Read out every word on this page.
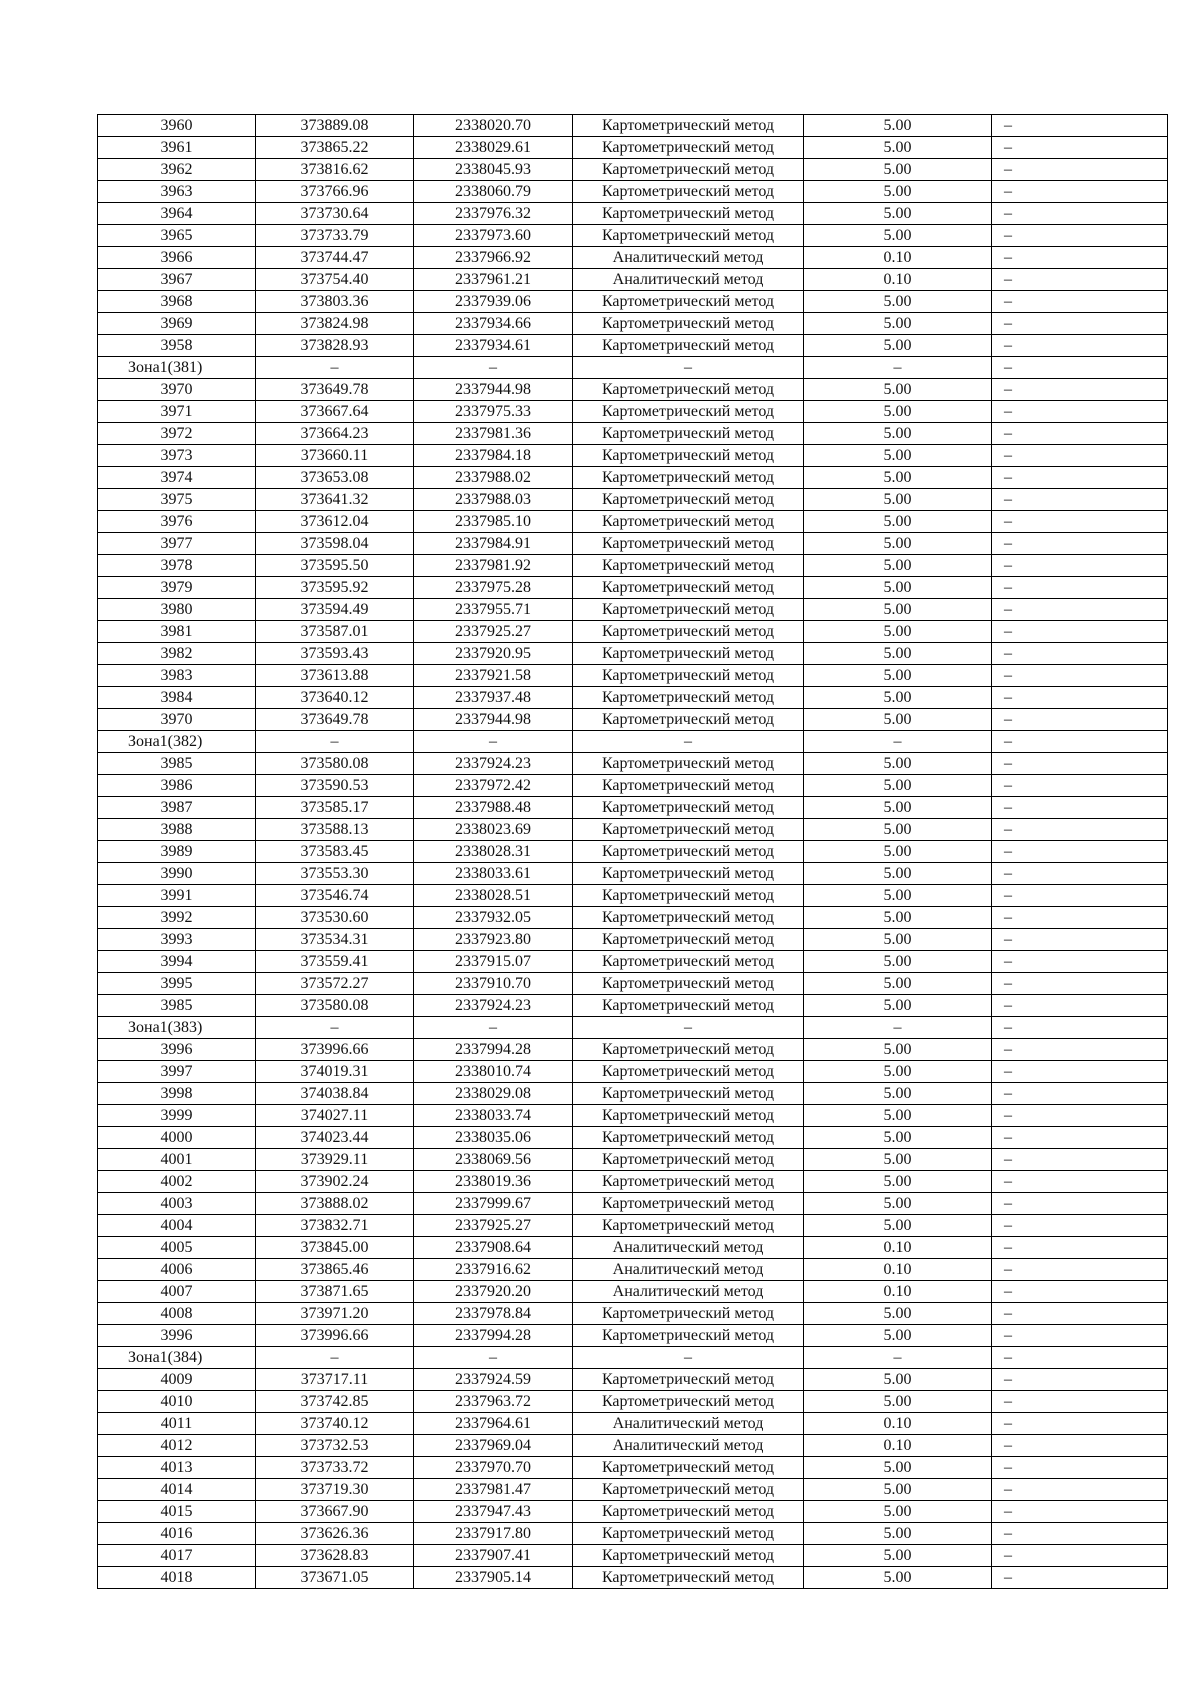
3960	373889.08	2338020.70	Картометрический метод	5.00	–
3961	373865.22	2338029.61	Картометрический метод	5.00	–
3962	373816.62	2338045.93	Картометрический метод	5.00	–
3963	373766.96	2338060.79	Картометрический метод	5.00	–
3964	373730.64	2337976.32	Картометрический метод	5.00	–
3965	373733.79	2337973.60	Картометрический метод	5.00	–
3966	373744.47	2337966.92	Аналитический метод	0.10	–
3967	373754.40	2337961.21	Аналитический метод	0.10	–
3968	373803.36	2337939.06	Картометрический метод	5.00	–
3969	373824.98	2337934.66	Картометрический метод	5.00	–
3958	373828.93	2337934.61	Картометрический метод	5.00	–
Зона1(381)	–	–	–	–	–
3970	373649.78	2337944.98	Картометрический метод	5.00	–
3971	373667.64	2337975.33	Картометрический метод	5.00	–
3972	373664.23	2337981.36	Картометрический метод	5.00	–
3973	373660.11	2337984.18	Картометрический метод	5.00	–
3974	373653.08	2337988.02	Картометрический метод	5.00	–
3975	373641.32	2337988.03	Картометрический метод	5.00	–
3976	373612.04	2337985.10	Картометрический метод	5.00	–
3977	373598.04	2337984.91	Картометрический метод	5.00	–
3978	373595.50	2337981.92	Картометрический метод	5.00	–
3979	373595.92	2337975.28	Картометрический метод	5.00	–
3980	373594.49	2337955.71	Картометрический метод	5.00	–
3981	373587.01	2337925.27	Картометрический метод	5.00	–
3982	373593.43	2337920.95	Картометрический метод	5.00	–
3983	373613.88	2337921.58	Картометрический метод	5.00	–
3984	373640.12	2337937.48	Картометрический метод	5.00	–
3970	373649.78	2337944.98	Картометрический метод	5.00	–
Зона1(382)	–	–	–	–	–
3985	373580.08	2337924.23	Картометрический метод	5.00	–
3986	373590.53	2337972.42	Картометрический метод	5.00	–
3987	373585.17	2337988.48	Картометрический метод	5.00	–
3988	373588.13	2338023.69	Картометрический метод	5.00	–
3989	373583.45	2338028.31	Картометрический метод	5.00	–
3990	373553.30	2338033.61	Картометрический метод	5.00	–
3991	373546.74	2338028.51	Картометрический метод	5.00	–
3992	373530.60	2337932.05	Картометрический метод	5.00	–
3993	373534.31	2337923.80	Картометрический метод	5.00	–
3994	373559.41	2337915.07	Картометрический метод	5.00	–
3995	373572.27	2337910.70	Картометрический метод	5.00	–
3985	373580.08	2337924.23	Картометрический метод	5.00	–
Зона1(383)	–	–	–	–	–
3996	373996.66	2337994.28	Картометрический метод	5.00	–
3997	374019.31	2338010.74	Картометрический метод	5.00	–
3998	374038.84	2338029.08	Картометрический метод	5.00	–
3999	374027.11	2338033.74	Картометрический метод	5.00	–
4000	374023.44	2338035.06	Картометрический метод	5.00	–
4001	373929.11	2338069.56	Картометрический метод	5.00	–
4002	373902.24	2338019.36	Картометрический метод	5.00	–
4003	373888.02	2337999.67	Картометрический метод	5.00	–
4004	373832.71	2337925.27	Картометрический метод	5.00	–
4005	373845.00	2337908.64	Аналитический метод	0.10	–
4006	373865.46	2337916.62	Аналитический метод	0.10	–
4007	373871.65	2337920.20	Аналитический метод	0.10	–
4008	373971.20	2337978.84	Картометрический метод	5.00	–
3996	373996.66	2337994.28	Картометрический метод	5.00	–
Зона1(384)	–	–	–	–	–
4009	373717.11	2337924.59	Картометрический метод	5.00	–
4010	373742.85	2337963.72	Картометрический метод	5.00	–
4011	373740.12	2337964.61	Аналитический метод	0.10	–
4012	373732.53	2337969.04	Аналитический метод	0.10	–
4013	373733.72	2337970.70	Картометрический метод	5.00	–
4014	373719.30	2337981.47	Картометрический метод	5.00	–
4015	373667.90	2337947.43	Картометрический метод	5.00	–
4016	373626.36	2337917.80	Картометрический метод	5.00	–
4017	373628.83	2337907.41	Картометрический метод	5.00	–
4018	373671.05	2337905.14	Картометрический метод	5.00	–
